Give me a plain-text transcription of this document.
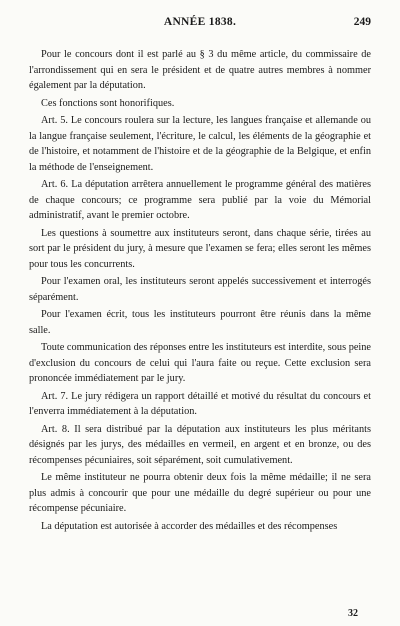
ANNÉE 1838.	249

Pour le concours dont il est parlé au § 3 du même article, du commissaire de l'arrondissement qui en sera le président et de quatre autres membres à nommer également par la députation.

Ces fonctions sont honorifiques.

Art. 5. Le concours roulera sur la lecture, les langues française et allemande ou la langue française seulement, l'écriture, le calcul, les éléments de la géographie et de l'histoire, et notamment de l'histoire et de la géographie de la Belgique, et enfin la méthode de l'enseignement.

Art. 6. La députation arrêtera annuellement le programme général des matières de chaque concours; ce programme sera publié par la voie du Mémorial administratif, avant le premier octobre.

Les questions à soumettre aux instituteurs seront, dans chaque série, tirées au sort par le président du jury, à mesure que l'examen se fera; elles seront les mêmes pour tous les concurrents.

Pour l'examen oral, les instituteurs seront appelés successivement et interrogés séparément.

Pour l'examen écrit, tous les instituteurs pourront être réunis dans la même salle.

Toute communication des réponses entre les instituteurs est interdite, sous peine d'exclusion du concours de celui qui l'aura faite ou reçue. Cette exclusion sera prononcée immédiatement par le jury.

Art. 7. Le jury rédigera un rapport détaillé et motivé du résultat du concours et l'enverra immédiatement à la députation.

Art. 8. Il sera distribué par la députation aux instituteurs les plus méritants désignés par les jurys, des médailles en vermeil, en argent et en bronze, ou des récompenses pécuniaires, soit séparément, soit cumulativement.

Le même instituteur ne pourra obtenir deux fois la même médaille; il ne sera plus admis à concourir que pour une médaille du degré supérieur ou pour une récompense pécuniaire.

La députation est autorisée à accorder des médailles et des récompenses

32
